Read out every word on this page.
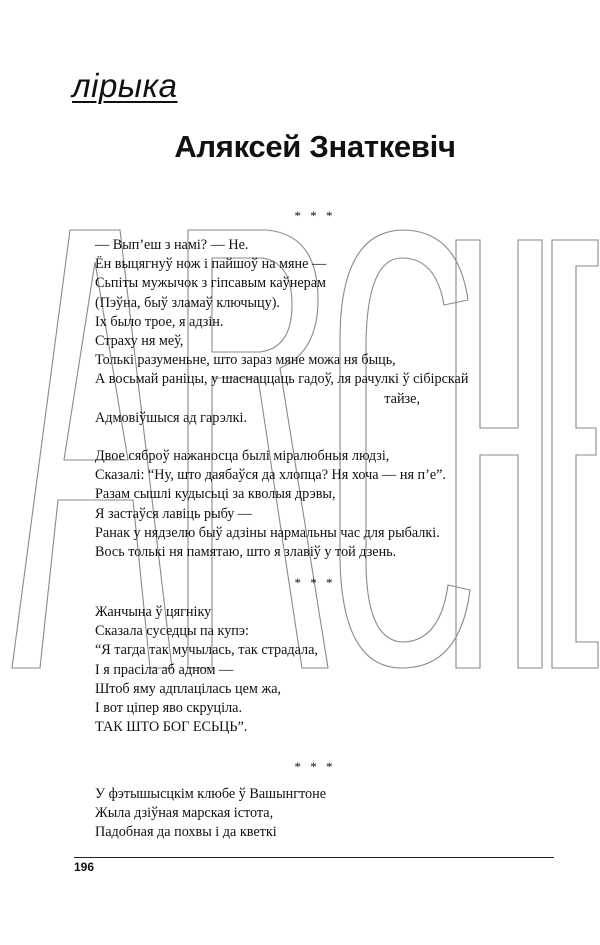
лірыка
Аляксей Знаткевіч
* * *
— Вып’еш з намі? — Не.
Ён выцягнуў нож і пайшоў на мяне —
Сьпіты мужычок з гіпсавым каўнерам
(Пэўна, быў зламаў ключыцу).
Іх было трое, я адзін.
Страху ня меў,
Толькі разуменьне, што зараз мяне можа ня быць,
А восьмай раніцы, у шаснаццаць гадоў, ля рачулкі ў сібірскай
тайзе,
Адмовіўшыся ад гарэлкі.
Двое сяброў нажаносца былі міралюбныя людзі,
Сказалі: “Ну, што даябаўся да хлопца? Ня хоча — ня п’е”.
Разам сышлі кудысьці за кволыя дрэвы,
Я застаўся лавіць рыбу —
Ранак у нядзелю быў адзіны нармальны час для рыбалкі.
Вось толькі ня памятаю, што я злавіў у той дзень.
* * *
Жанчына ў цягніку
Сказала суседцы па купэ:
“Я тагда так мучылась, так страдала,
І я прасіла аб адном —
Штоб яму адплацілась цем жа,
І вот ціпер яво скруціла.
ТАК ШТО БОГ ЕСЬЦЬ”.
* * *
У фэтышысцкім клюбе ў Вашынгтоне
Жыла дзіўная марская істота,
Падобная да похвы і да кветкі
196
